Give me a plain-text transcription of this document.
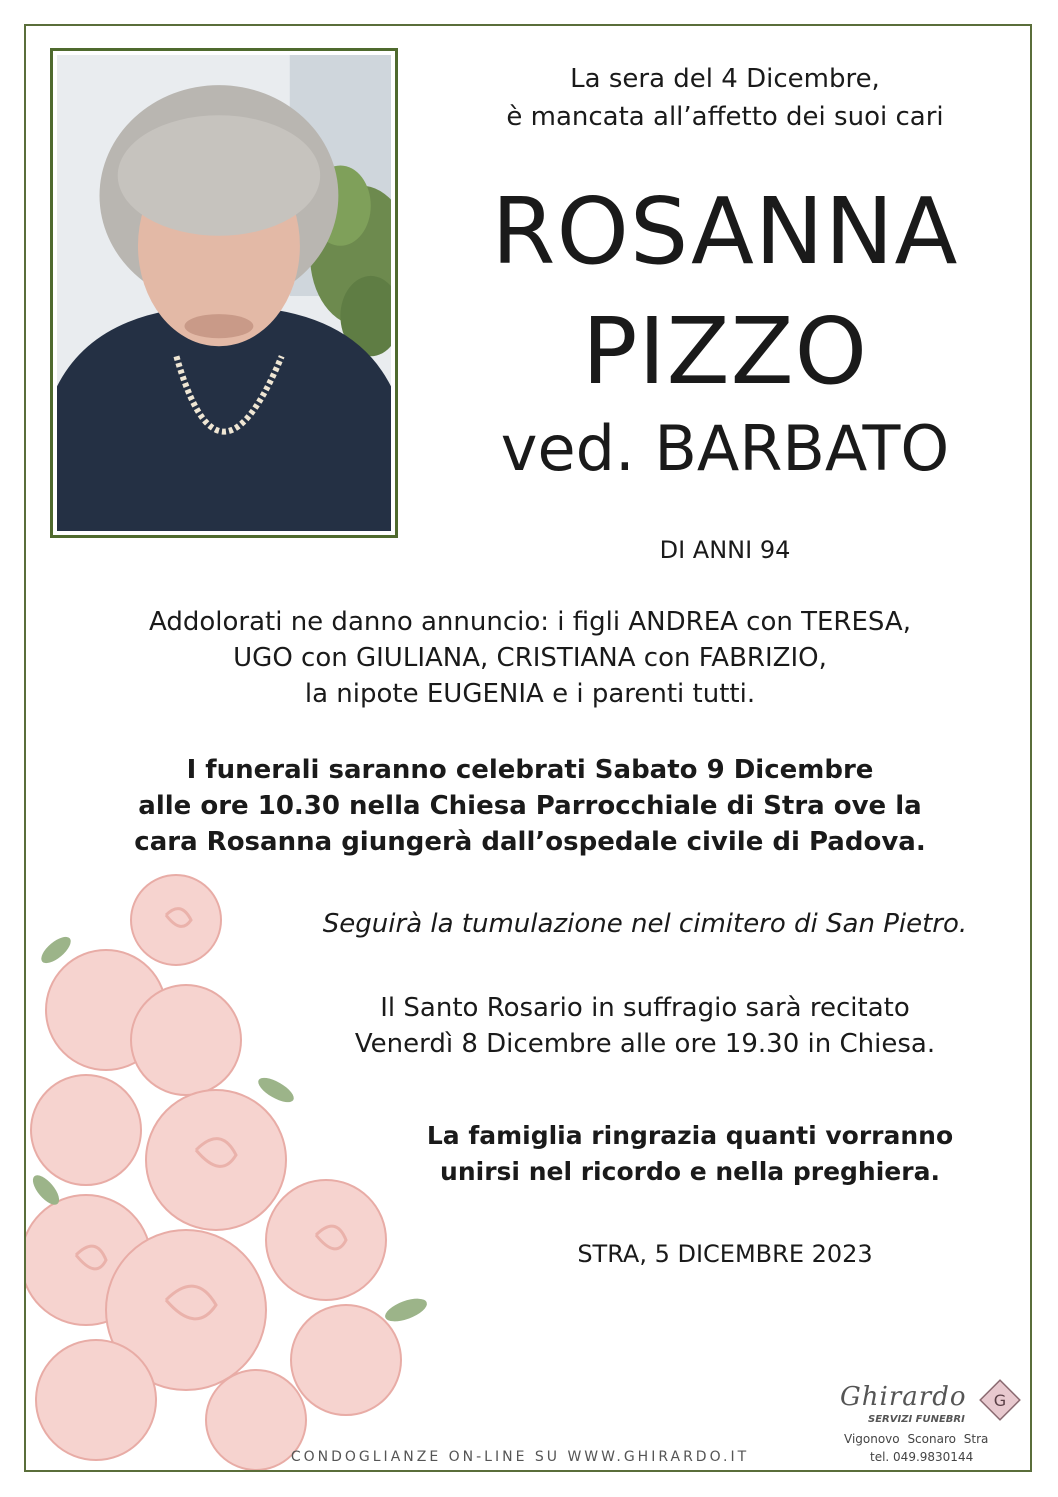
La sera del 4 Dicembre,
è mancata all’affetto dei suoi cari
ROSANNA
PIZZO
ved. BARBATO
DI ANNI 94
Addolorati ne danno annuncio: i figli ANDREA con TERESA,
UGO con GIULIANA, CRISTIANA con FABRIZIO,
la nipote EUGENIA e i parenti tutti.
I funerali saranno celebrati Sabato 9 Dicembre
alle ore 10.30 nella Chiesa Parrocchiale di Stra ove la
cara Rosanna giungerà dall’ospedale civile di Padova.
Seguirà la tumulazione nel cimitero di San Pietro.
Il Santo Rosario in suffragio sarà recitato
Venerdì 8 Dicembre alle ore 19.30 in Chiesa.
La famiglia ringrazia quanti vorranno
unirsi nel ricordo e nella preghiera.
STRA, 5 DICEMBRE 2023
CONDOGLIANZE ON-LINE SU WWW.GHIRARDO.IT
Ghirardo
SERVIZI FUNEBRI
G
Vigonovo Sconaro Stra
tel. 049.9830144
